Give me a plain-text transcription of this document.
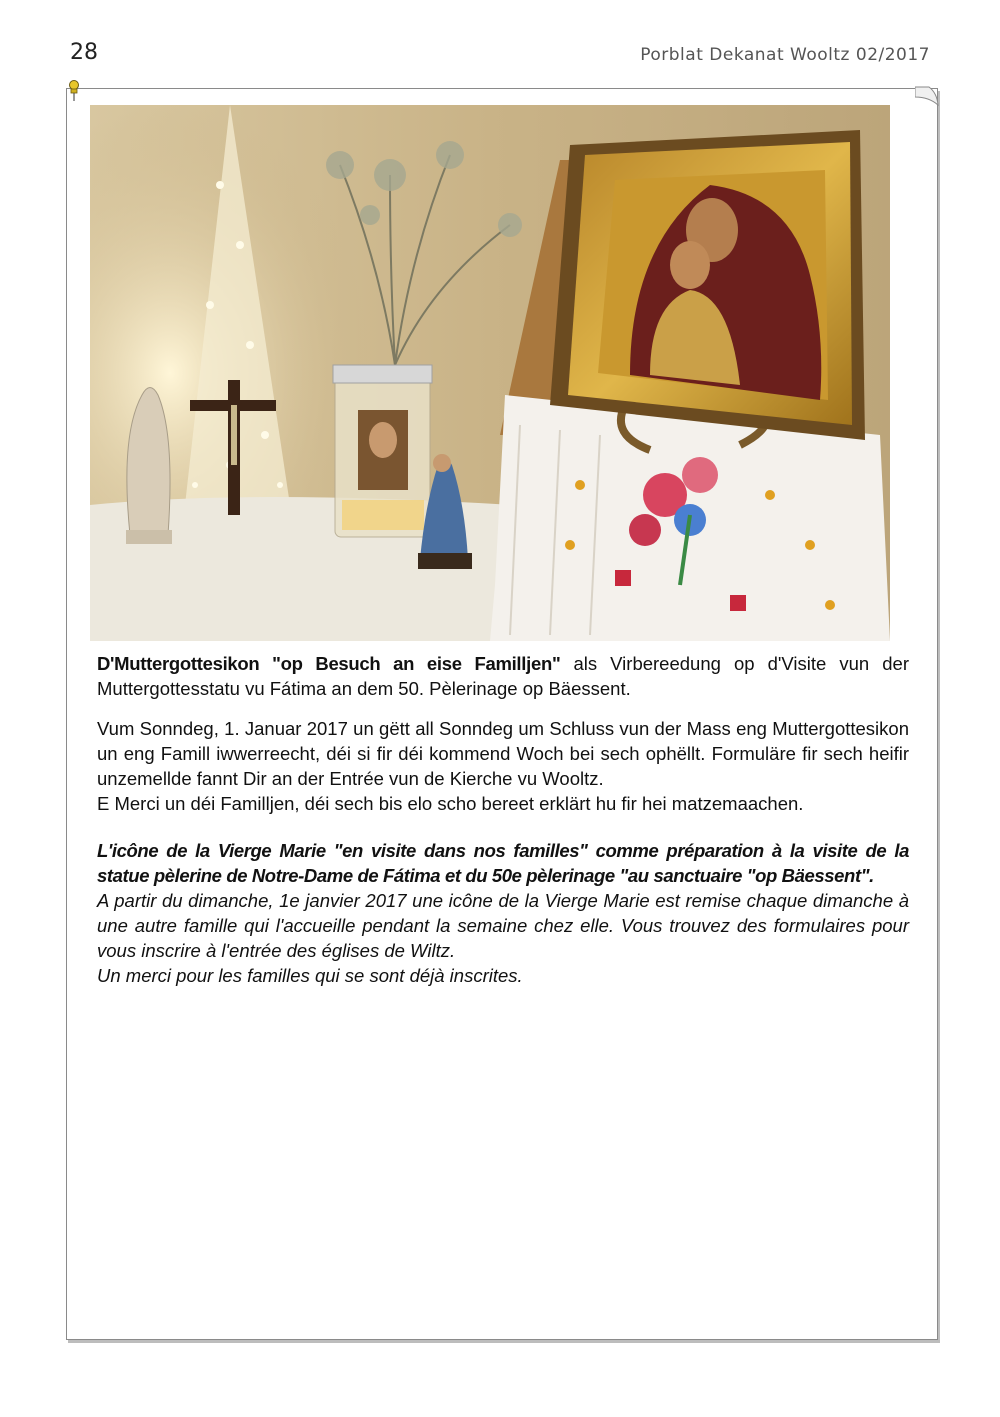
28	Porblat Dekanat Wooltz 02/2017

D'Muttergottesikon "op Besuch an eise Familljen" als Virbereedung op d'Visite vun der Muttergottesstatu vu Fátima an dem 50. Pèlerinage op Bäessent.

Vum Sonndeg, 1. Januar 2017 un gëtt all Sonndeg um Schluss vun der Mass eng Muttergottesikon un eng Famill iwwerreecht, déi si fir déi kommend Woch bei sech ophëllt. Formuläre fir sech heifir unzemellde fannt Dir an der Entrée vun de Kierche vu Wooltz.

E Merci un déi Familljen, déi sech bis elo scho bereet erklärt hu fir hei matzemaachen.

L'icône de la Vierge Marie "en visite dans nos familles" comme préparation à la visite de la statue pèlerine de Notre-Dame de Fátima et du 50e pèlerinage "au sanctuaire "op Bäessent".

A partir du dimanche, 1e janvier 2017 une icône de la Vierge Marie est remise chaque dimanche à une autre famille qui l'accueille pendant la semaine chez elle. Vous trouvez des formulaires pour vous inscrire à l'entrée des églises de Wiltz.

Un merci pour les familles qui se sont déjà inscrites.
